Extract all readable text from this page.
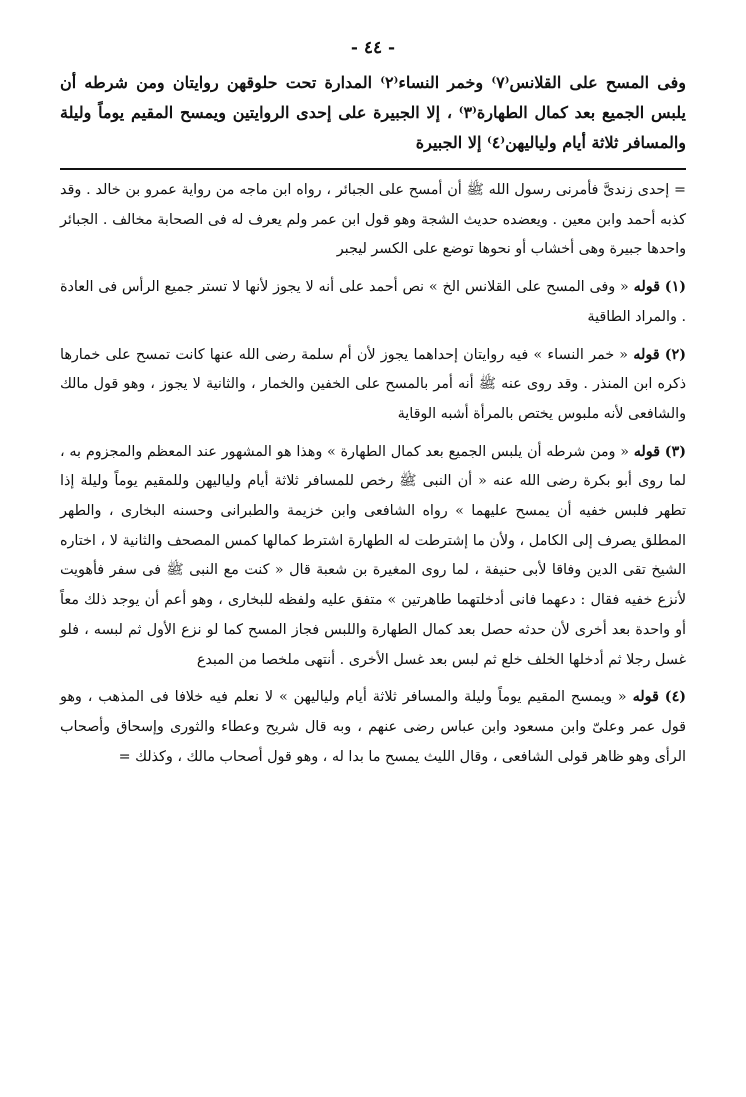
- ٤٤ -

وفى المسح على القلانس⁽٧⁾ وخمر النساء⁽٢⁾ المدارة تحت حلوقهن روايتان ومن شرطه أن يلبس الجميع بعد كمال الطهارة⁽٣⁾ ، إلا الجبيرة على إحدى الروايتين ويمسح المقيم يوماً وليلة والمسافر ثلاثة أيام ولياليهن⁽٤⁾ إلا الجبيرة

= إحدى زندىَّ فأمرنى رسول الله ﷺ أن أمسح على الجبائر ، رواه ابن ماجه من رواية عمرو بن خالد . وقد كذبه أحمد وابن معين . ويعضده حديث الشجة وهو قول ابن عمر ولم يعرف له فى الصحابة مخالف . الجبائر واحدها جبيرة وهى أخشاب أو نحوها توضع على الكسر ليجبر

(١) قوله « وفى المسح على القلانس الخ » نص أحمد على أنه لا يجوز لأنها لا تستر جميع الرأس فى العادة . والمراد الطاقية

(٢) قوله « خمر النساء » فيه روايتان إحداهما يجوز لأن أم سلمة رضى الله عنها كانت تمسح على خمارها ذكره ابن المنذر . وقد روى عنه ﷺ أنه أمر بالمسح على الخفين والخمار ، والثانية لا يجوز ، وهو قول مالك والشافعى لأنه ملبوس يختص بالمرأة أشبه الوقاية

(٣) قوله « ومن شرطه أن يلبس الجميع بعد كمال الطهارة » وهذا هو المشهور عند المعظم والمجزوم به ، لما روى أبو بكرة رضى الله عنه « أن النبى ﷺ رخص للمسافر ثلاثة أيام ولياليهن وللمقيم يوماً وليلة إذا تطهر فلبس خفيه أن يمسح عليهما » رواه الشافعى وابن خزيمة والطبرانى وحسنه البخارى ، والطهر المطلق يصرف إلى الكامل ، ولأن ما إشترطت له الطهارة اشترط كمالها كمس المصحف والثانية لا ، اختاره الشيخ تقى الدين وفاقا لأبى حنيفة ، لما روى المغيرة بن شعبة قال « كنت مع النبى ﷺ فى سفر فأهويت لأنزع خفيه فقال : دعهما فانى أدخلتهما طاهرتين » متفق عليه ولفظه للبخارى ، وهو أعم أن يوجد ذلك معاً أو واحدة بعد أخرى لأن حدثه حصل بعد كمال الطهارة واللبس فجاز المسح كما لو نزع الأول ثم لبسه ، فلو غسل رجلا ثم أدخلها الخلف خلع ثم لبس بعد غسل الأخرى . أنتهى ملخصا من المبدع

(٤) قوله « ويمسح المقيم يوماً وليلة والمسافر ثلاثة أيام ولياليهن » لا نعلم فيه خلافا فى المذهب ، وهو قول عمر وعلىّ وابن مسعود وابن عباس رضى عنهم ، وبه قال شريح وعطاء والثورى وإسحاق وأصحاب الرأى وهو ظاهر قولى الشافعى ، وقال الليث يمسح ما بدا له ، وهو قول أصحاب مالك ، وكذلك =
